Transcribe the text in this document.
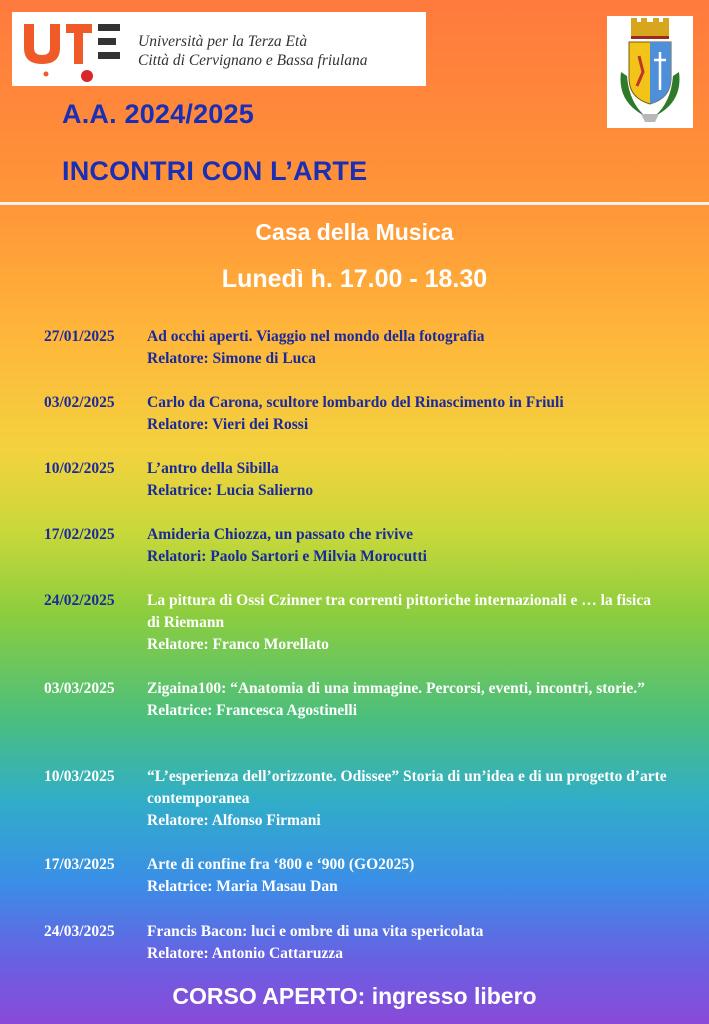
Università per la Terza Età
Città di Cervignano e Bassa friulana
A.A. 2024/2025
INCONTRI CON L’ARTE
Casa della Musica
Lunedì h. 17.00 - 18.30
27/01/2025 Ad occhi aperti. Viaggio nel mondo della fotografia
Relatore: Simone di Luca
03/02/2025 Carlo da Carona, scultore lombardo del Rinascimento in Friuli
Relatore: Vieri dei Rossi
10/02/2025 L’antro della Sibilla
Relatrice: Lucia Salierno
17/02/2025 Amideria Chiozza, un passato che rivive
Relatori: Paolo Sartori e Milvia Morocutti
24/02/2025 La pittura di Ossi Czinner tra correnti pittoriche internazionali e … la fisica di Riemann
Relatore: Franco Morellato
03/03/2025 Zigaina100: “Anatomia di una immagine. Percorsi, eventi, incontri, storie.”
Relatrice: Francesca Agostinelli
10/03/2025 “L’esperienza dell’orizzonte. Odissee” Storia di un’idea e di un progetto d’arte contemporanea
Relatore: Alfonso Firmani
17/03/2025 Arte di confine fra ‘800 e ‘900 (GO2025)
Relatrice: Maria Masau Dan
24/03/2025 Francis Bacon: luci e ombre di una vita spericolata
Relatore: Antonio Cattaruzza
CORSO APERTO: ingresso libero
